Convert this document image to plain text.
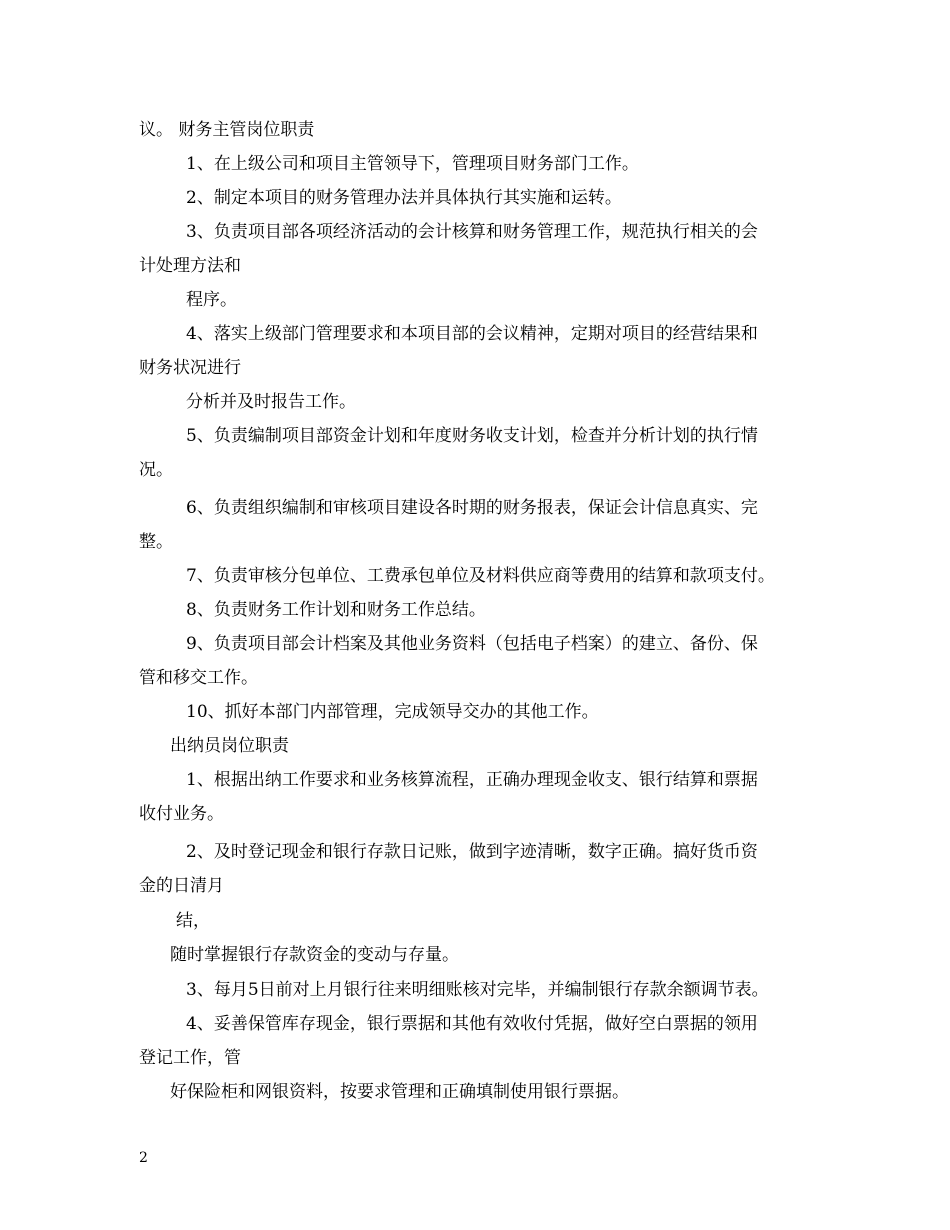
议。 财务主管岗位职责
1、在上级公司和项目主管领导下，管理项目财务部门工作。
2、制定本项目的财务管理办法并具体执行其实施和运转。
3、负责项目部各项经济活动的会计核算和财务管理工作，规范执行相关的会
计处理方法和
程序。
4、落实上级部门管理要求和本项目部的会议精神，定期对项目的经营结果和
财务状况进行
分析并及时报告工作。
5、负责编制项目部资金计划和年度财务收支计划，检查并分析计划的执行情
况。
6、负责组织编制和审核项目建设各时期的财务报表，保证会计信息真实、完
整。
7、负责审核分包单位、工费承包单位及材料供应商等费用的结算和款项支付。
8、负责财务工作计划和财务工作总结。
9、负责项目部会计档案及其他业务资料（包括电子档案）的建立、备份、保
管和移交工作。
10、抓好本部门内部管理，完成领导交办的其他工作。
出纳员岗位职责
1、根据出纳工作要求和业务核算流程，正确办理现金收支、银行结算和票据
收付业务。
2、及时登记现金和银行存款日记账，做到字迹清晰，数字正确。搞好货币资
金的日清月
结，
随时掌握银行存款资金的变动与存量。
3、每月5日前对上月银行往来明细账核对完毕，并编制银行存款余额调节表。
4、妥善保管库存现金，银行票据和其他有效收付凭据，做好空白票据的领用
登记工作，管
好保险柜和网银资料，按要求管理和正确填制使用银行票据。
2
